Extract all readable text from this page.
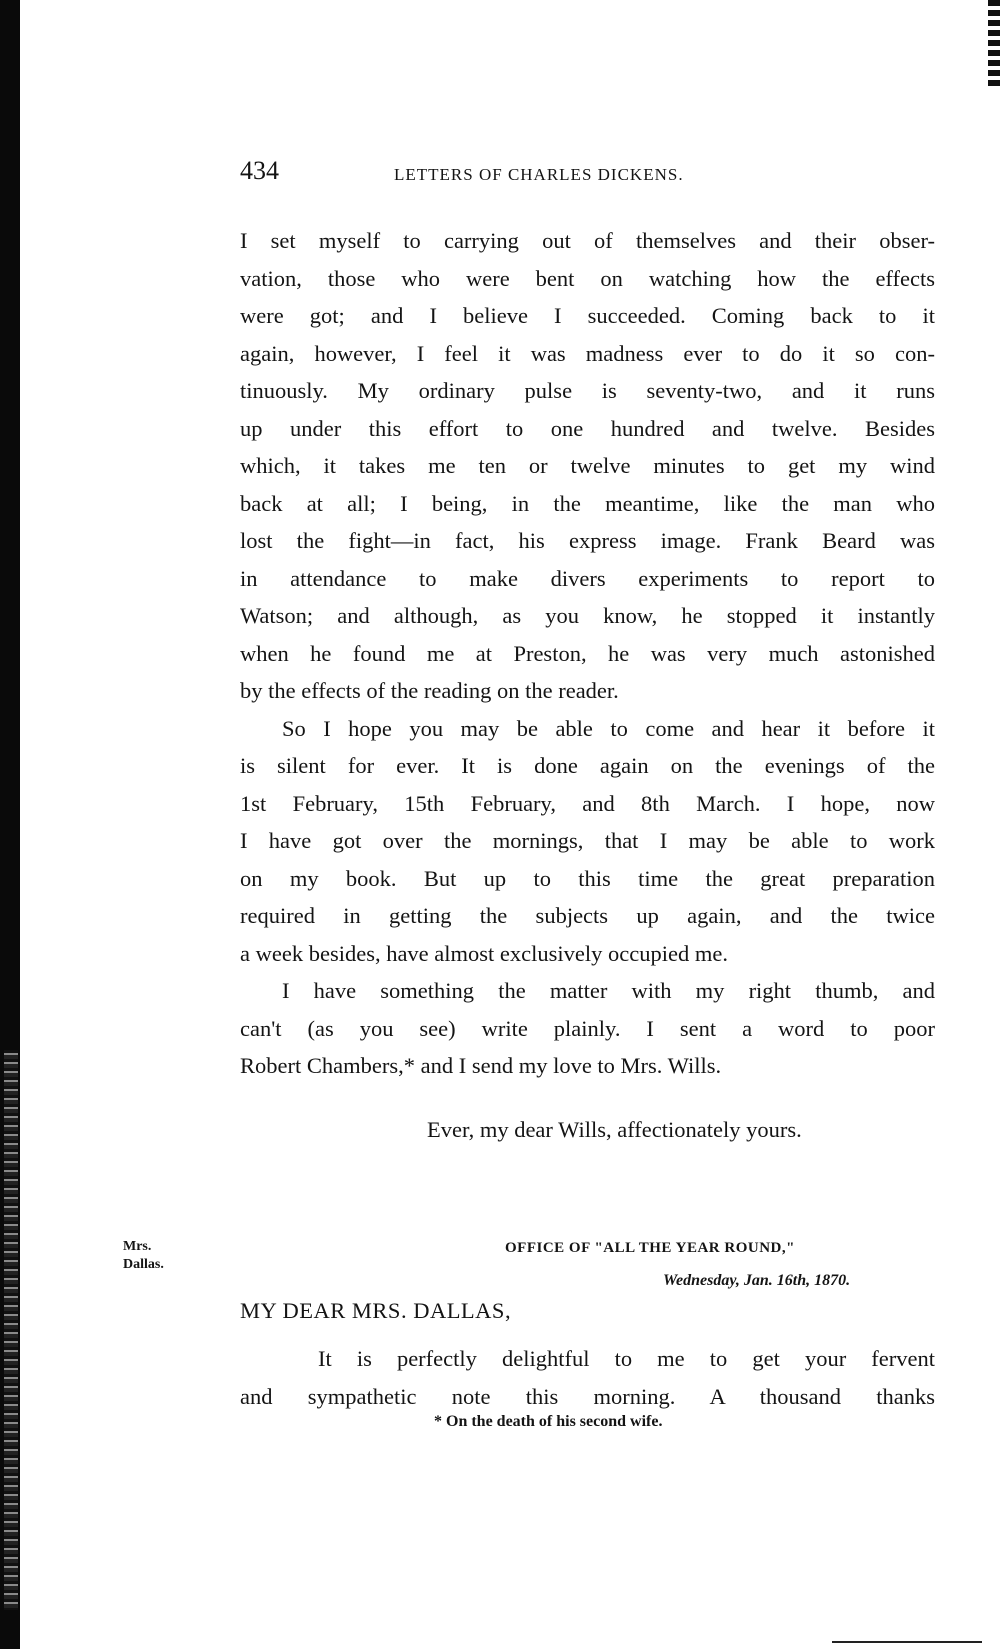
434	LETTERS OF CHARLES DICKENS.

I set myself to carrying out of themselves and their obser-
vation, those who were bent on watching how the effects
were got; and I believe I succeeded. Coming back to it
again, however, I feel it was madness ever to do it so con-
tinuously. My ordinary pulse is seventy-two, and it runs
up under this effort to one hundred and twelve. Besides
which, it takes me ten or twelve minutes to get my wind
back at all; I being, in the meantime, like the man who
lost the fight—in fact, his express image. Frank Beard was
in attendance to make divers experiments to report to
Watson; and although, as you know, he stopped it instantly
when he found me at Preston, he was very much astonished
by the effects of the reading on the reader.

So I hope you may be able to come and hear it before it
is silent for ever. It is done again on the evenings of the
1st February, 15th February, and 8th March. I hope, now
I have got over the mornings, that I may be able to work
on my book. But up to this time the great preparation
required in getting the subjects up again, and the twice
a week besides, have almost exclusively occupied me.

I have something the matter with my right thumb, and
can't (as you see) write plainly. I sent a word to poor
Robert Chambers,* and I send my love to Mrs. Wills.

Ever, my dear Wills, affectionately yours.
Mrs.
Dallas.
OFFICE OF "ALL THE YEAR ROUND,"
Wednesday, Jan. 16th, 1870.
MY DEAR MRS. DALLAS,
It is perfectly delightful to me to get your fervent
and sympathetic note this morning. A thousand thanks
* On the death of his second wife.
